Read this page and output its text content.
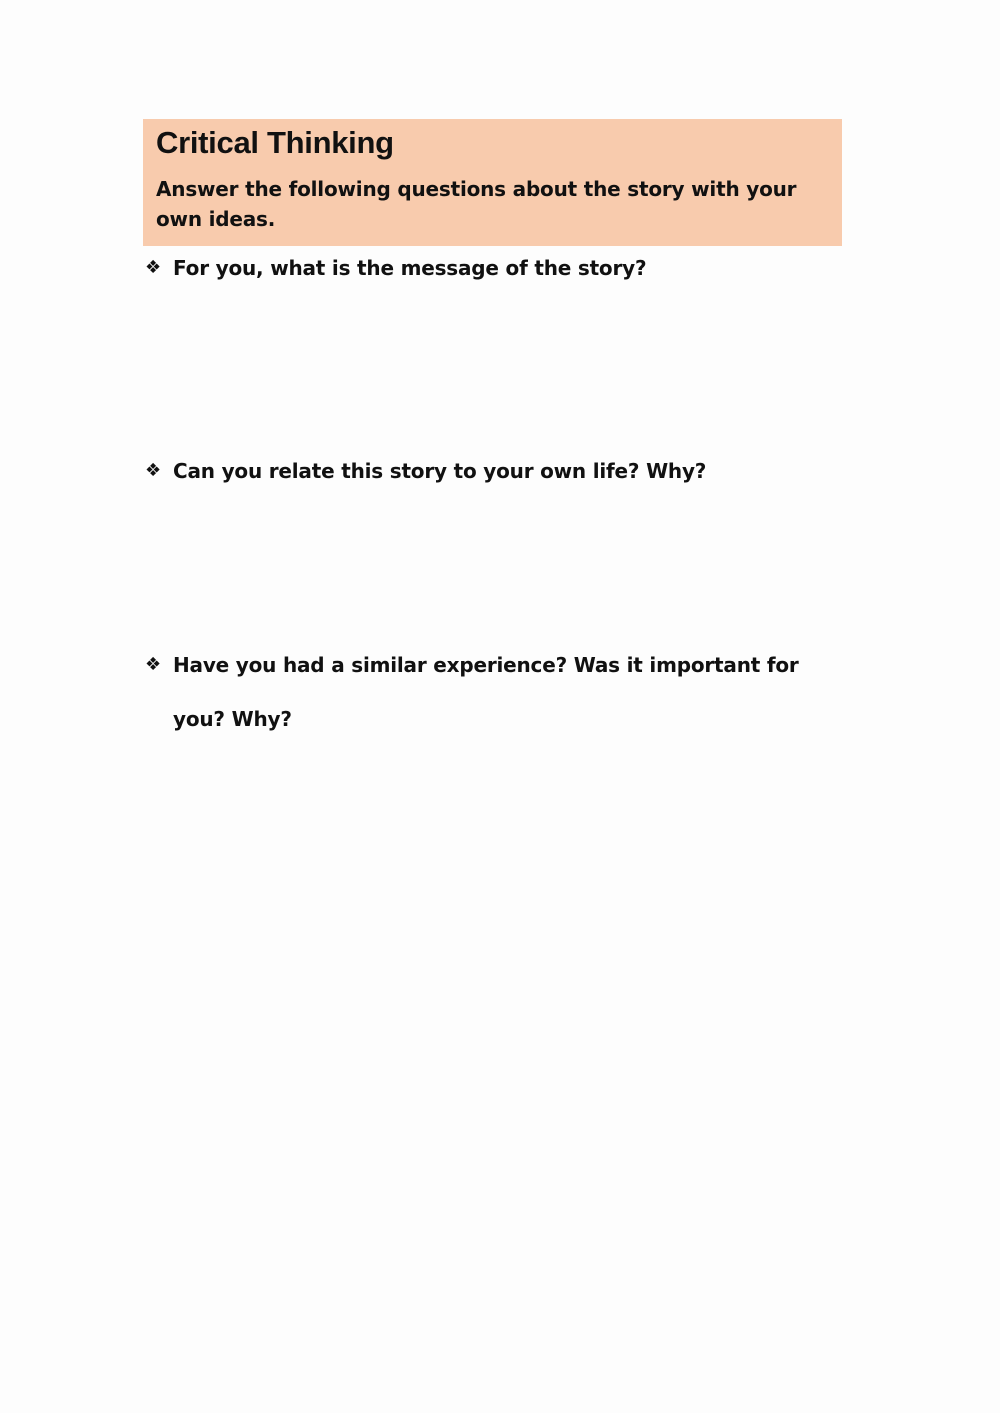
Critical Thinking

Answer the following questions about the story with your own ideas.

❖ For you, what is the message of the story?
❖ Can you relate this story to your own life? Why?
❖ Have you had a similar experience? Was it important for you? Why?
